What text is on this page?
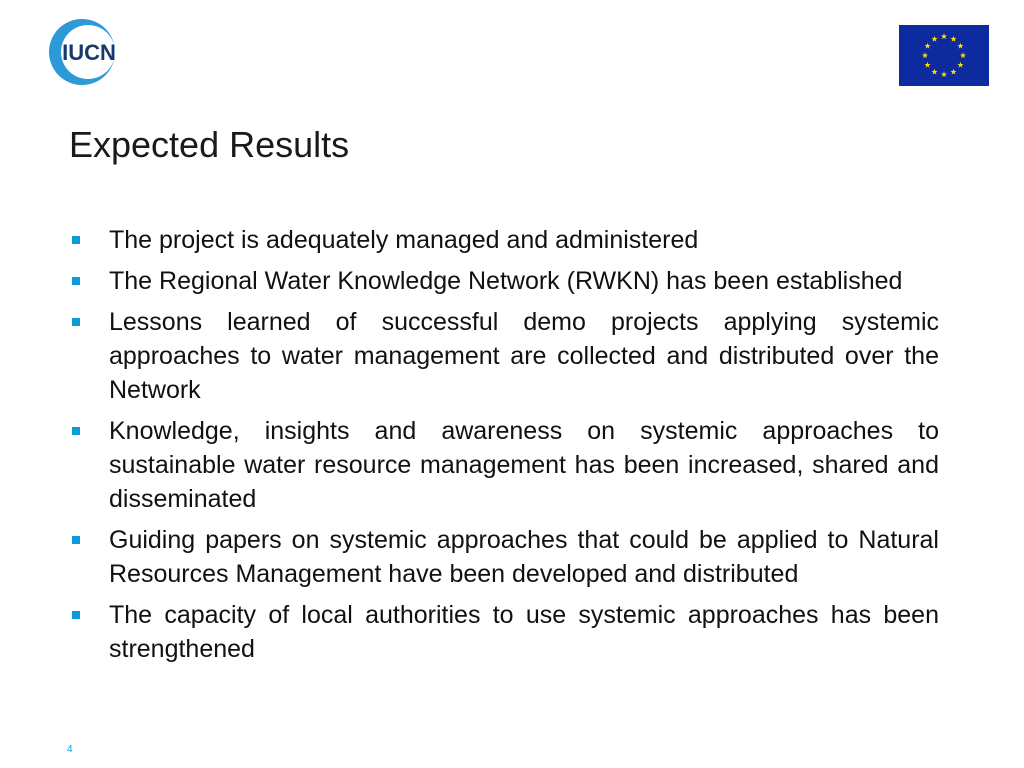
IUCN
Expected Results
The project is adequately managed and administered
The Regional Water Knowledge Network (RWKN) has been established
Lessons learned of successful demo projects applying systemic approaches to water management are collected and distributed over the Network
Knowledge, insights and awareness on systemic approaches to sustainable water resource management has been increased, shared and disseminated
Guiding papers on systemic approaches that could be applied to Natural Resources Management have been developed and distributed
The capacity of local authorities to use systemic approaches has been strengthened
4
